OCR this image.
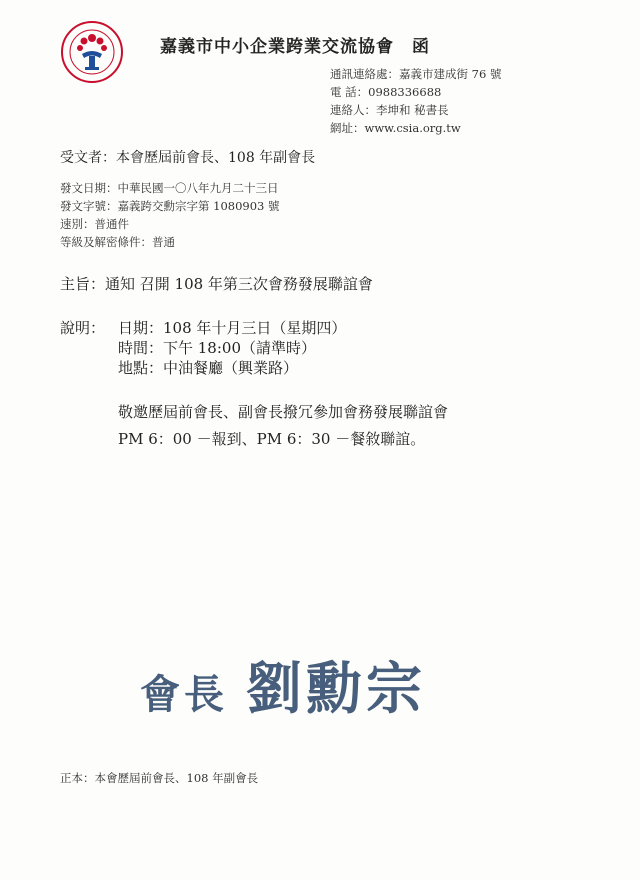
嘉義市中小企業跨業交流協會　函
通訊連絡處：嘉義市建成街 76 號
電 話：0988336688
連絡人：李坤和 秘書長
網址：www.csia.org.tw
受文者：本會歷屆前會長、108 年副會長
發文日期：中華民國一〇八年九月二十三日
發文字號：嘉義跨交勳宗字第 1080903 號
速別：普通件
等級及解密條件：普通
主旨：通知 召開 108 年第三次會務發展聯誼會
說明： 日期：108 年十月三日（星期四）
時間：下午 18:00（請準時）
地點：中油餐廳（興業路）
敬邀歷屆前會長、副會長撥冗參加會務發展聯誼會
PM 6：00 －報到、PM 6：30 －餐敘聯誼。
會長 劉勳宗
正本：本會歷屆前會長、108 年副會長
